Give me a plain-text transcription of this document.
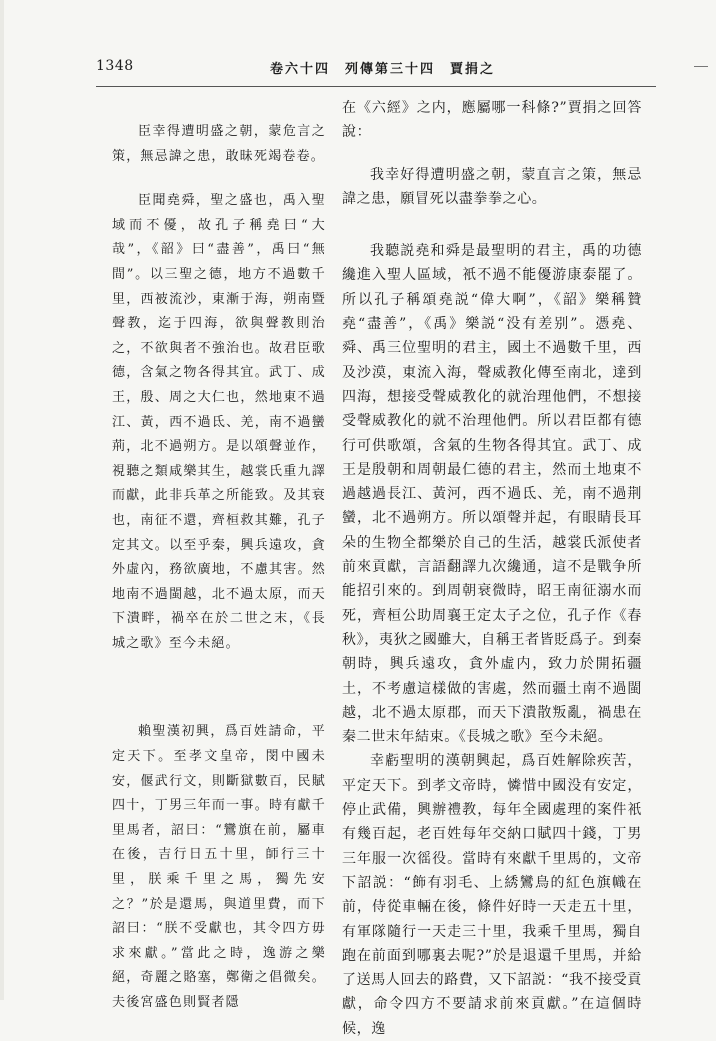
1348	卷六十四　列傳第三十四　賈捐之

臣幸得遭明盛之朝，蒙危言之策，無忌諱之患，敢昧死竭卷卷。

臣聞堯舜，聖之盛也，禹入聖域而不優，故孔子稱堯曰“大哉”，《韶》曰“盡善”，禹曰“無間”。以三聖之德，地方不過數千里，西被流沙，東漸于海，朔南暨聲教，迄于四海，欲與聲教則治之，不欲與者不強治也。故君臣歌德，含氣之物各得其宜。武丁、成王，殷、周之大仁也，然地東不過江、黃，西不過氐、羌，南不過蠻荊，北不過朔方。是以頌聲並作，視聽之類咸樂其生，越裳氏重九譯而獻，此非兵革之所能致。及其衰也，南征不還，齊桓救其難，孔子定其文。以至乎秦，興兵遠攻，貪外虛內，務欲廣地，不慮其害。然地南不過閩越，北不過太原，而天下潰畔，禍卒在於二世之末，《長城之歌》至今未絕。

賴聖漢初興，爲百姓請命，平定天下。至孝文皇帝，閔中國未安，偃武行文，則斷獄數百，民賦四十，丁男三年而一事。時有獻千里馬者，詔曰：“鸞旗在前，屬車在後，吉行日五十里，師行三十里，朕乘千里之馬，獨先安之？”於是還馬，與道里費，而下詔曰：“朕不受獻也，其令四方毋求來獻。”當此之時，逸游之樂絕，奇麗之賂塞，鄭衛之倡微矣。夫後宮盛色則賢者隱

在《六經》之内，應屬哪一科條?”賈捐之回答說：

我幸好得遭明盛之朝，蒙直言之策，無忌諱之患，願冒死以盡拳拳之心。

我聽説堯和舜是最聖明的君主，禹的功德纔進入聖人區域，衹不過不能優游康泰罷了。所以孔子稱頌堯説“偉大啊”，《韶》樂稱贊堯“盡善”，《禹》樂説“没有差别”。憑堯、舜、禹三位聖明的君主，國土不過數千里，西及沙漠，東流入海，聲威教化傳至南北，達到四海，想接受聲威教化的就治理他們，不想接受聲威教化的就不治理他們。所以君臣都有德行可供歌頌，含氣的生物各得其宜。武丁、成王是殷朝和周朝最仁德的君主，然而土地東不過越過長江、黃河，西不過氐、羌，南不過荆蠻，北不過朔方。所以頌聲并起，有眼睛長耳朵的生物全都樂於自己的生活，越裳氏派使者前來貢獻，言語翻譯九次纔通，這不是戰争所能招引來的。到周朝衰微時，昭王南征溺水而死，齊桓公助周襄王定太子之位，孔子作《春秋》，夷狄之國雖大，自稱王者皆貶爲子。到秦朝時，興兵遠攻，貪外虛内，致力於開拓疆土，不考慮這樣做的害處，然而疆土南不過閩越，北不過太原郡，而天下潰散叛亂，禍患在秦二世末年結束。《長城之歌》至今未絕。

幸虧聖明的漢朝興起，爲百姓解除疾苦，平定天下。到孝文帝時，憐惜中國没有安定，停止武備，興辦禮教，每年全國處理的案件衹有幾百起，老百姓每年交納口賦四十錢，丁男三年服一次徭役。當時有來獻千里馬的，文帝下詔説：“飾有羽毛、上綉鸞鳥的紅色旗幟在前，侍從車輛在後，條件好時一天走五十里，有軍隊隨行一天走三十里，我乘千里馬，獨自跑在前面到哪裏去呢?”於是退還千里馬，并給了送馬人回去的路費，又下詔説：“我不接受貢獻，命令四方不要請求前來貢獻。”在這個時候，逸
